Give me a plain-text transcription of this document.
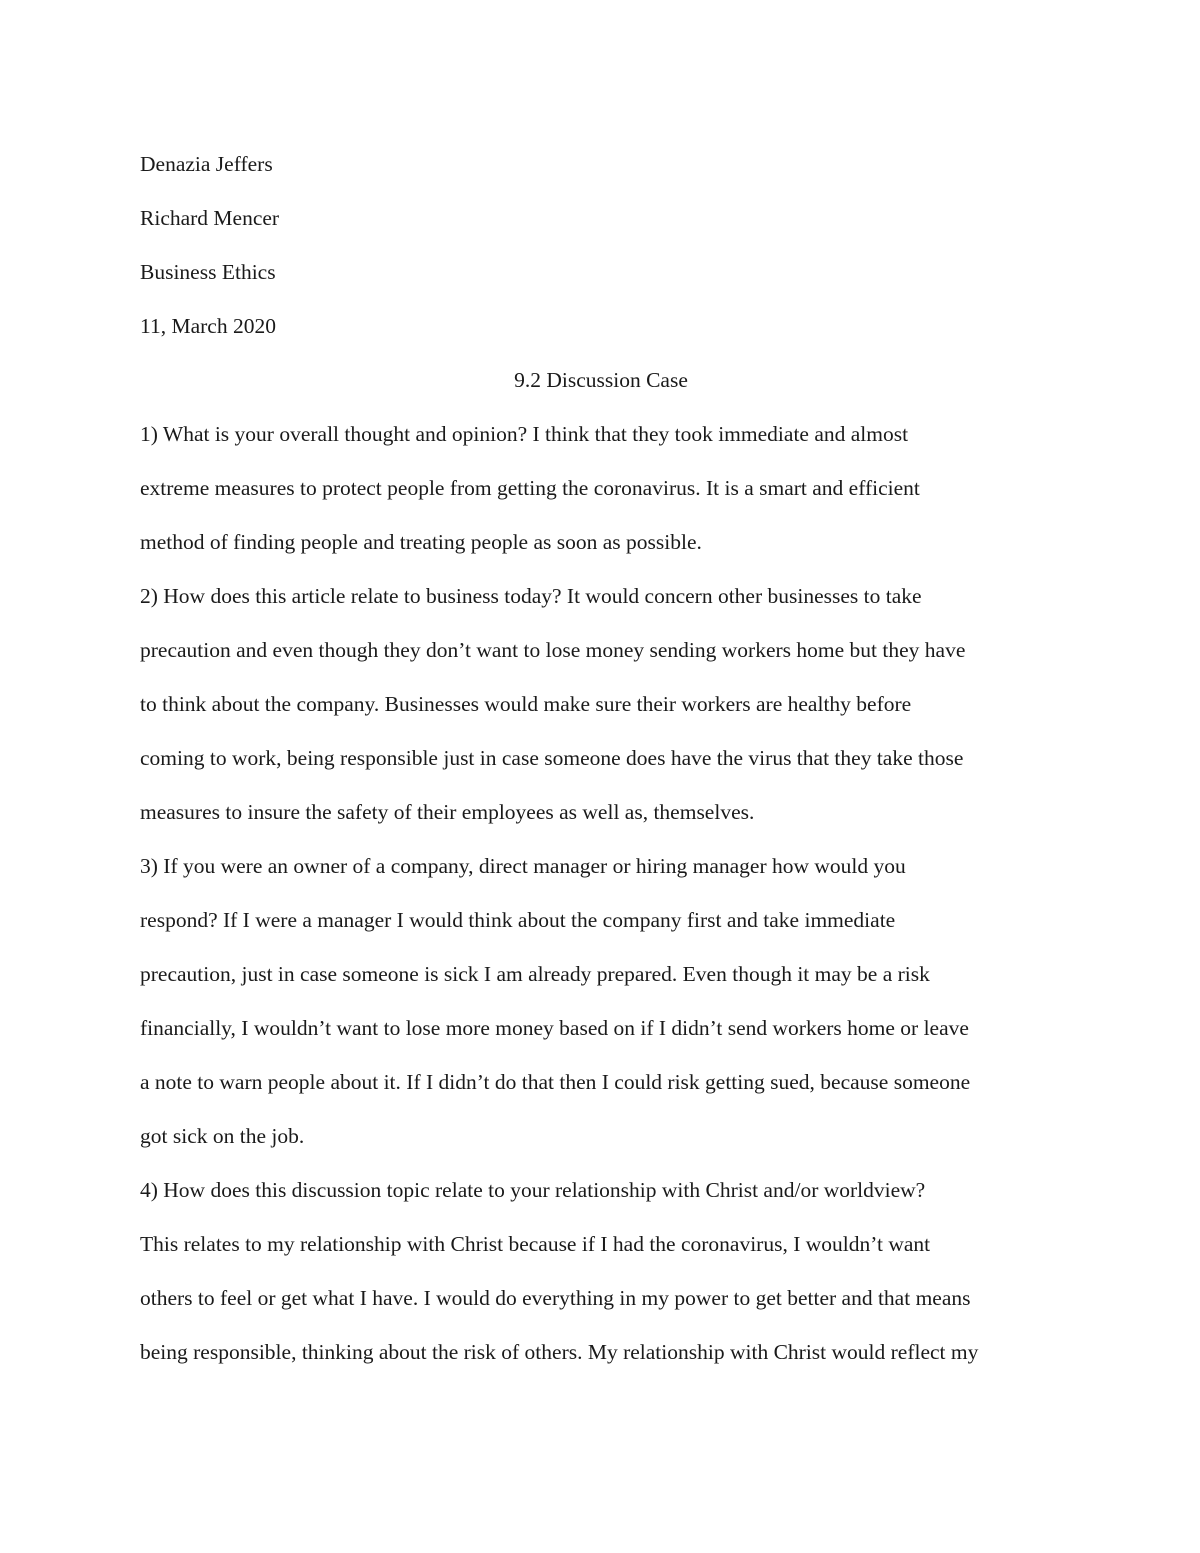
Denazia Jeffers
Richard Mencer
Business Ethics
11, March 2020
9.2 Discussion Case
1) What is your overall thought and opinion? I think that they took immediate and almost
extreme measures to protect people from getting the coronavirus. It is a smart and efficient
method of finding people and treating people as soon as possible.
2) How does this article relate to business today? It would concern other businesses to take
precaution and even though they don’t want to lose money sending workers home but they have
to think about the company. Businesses would make sure their workers are healthy before
coming to work, being responsible just in case someone does have the virus that they take those
measures to insure the safety of their employees as well as, themselves.
3) If you were an owner of a company, direct manager or hiring manager how would you
respond? If I were a manager I would think about the company first and take immediate
precaution, just in case someone is sick I am already prepared. Even though it may be a risk
financially, I wouldn’t want to lose more money based on if I didn’t send workers home or leave
a note to warn people about it. If I didn’t do that then I could risk getting sued, because someone
got sick on the job.
4) How does this discussion topic relate to your relationship with Christ and/or worldview?
This relates to my relationship with Christ because if I had the coronavirus, I wouldn’t want
others to feel or get what I have. I would do everything in my power to get better and that means
being responsible, thinking about the risk of others. My relationship with Christ would reflect my
